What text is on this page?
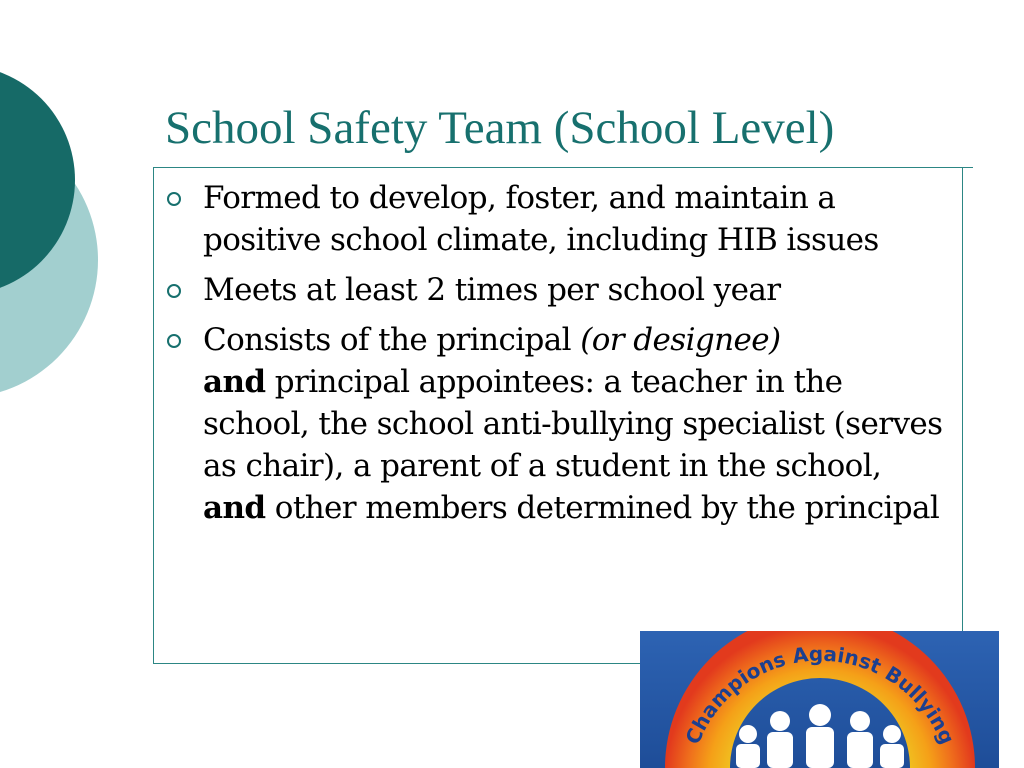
School Safety Team (School Level)
Formed to develop, foster, and maintain a positive school climate, including HIB issues
Meets at least 2 times per school year
Consists of the principal (or designee)
and principal appointees: a teacher in the school, the school anti-bullying specialist (serves as chair), a parent of a student in the school, and other members determined by the principal
Champions Against Bullying
